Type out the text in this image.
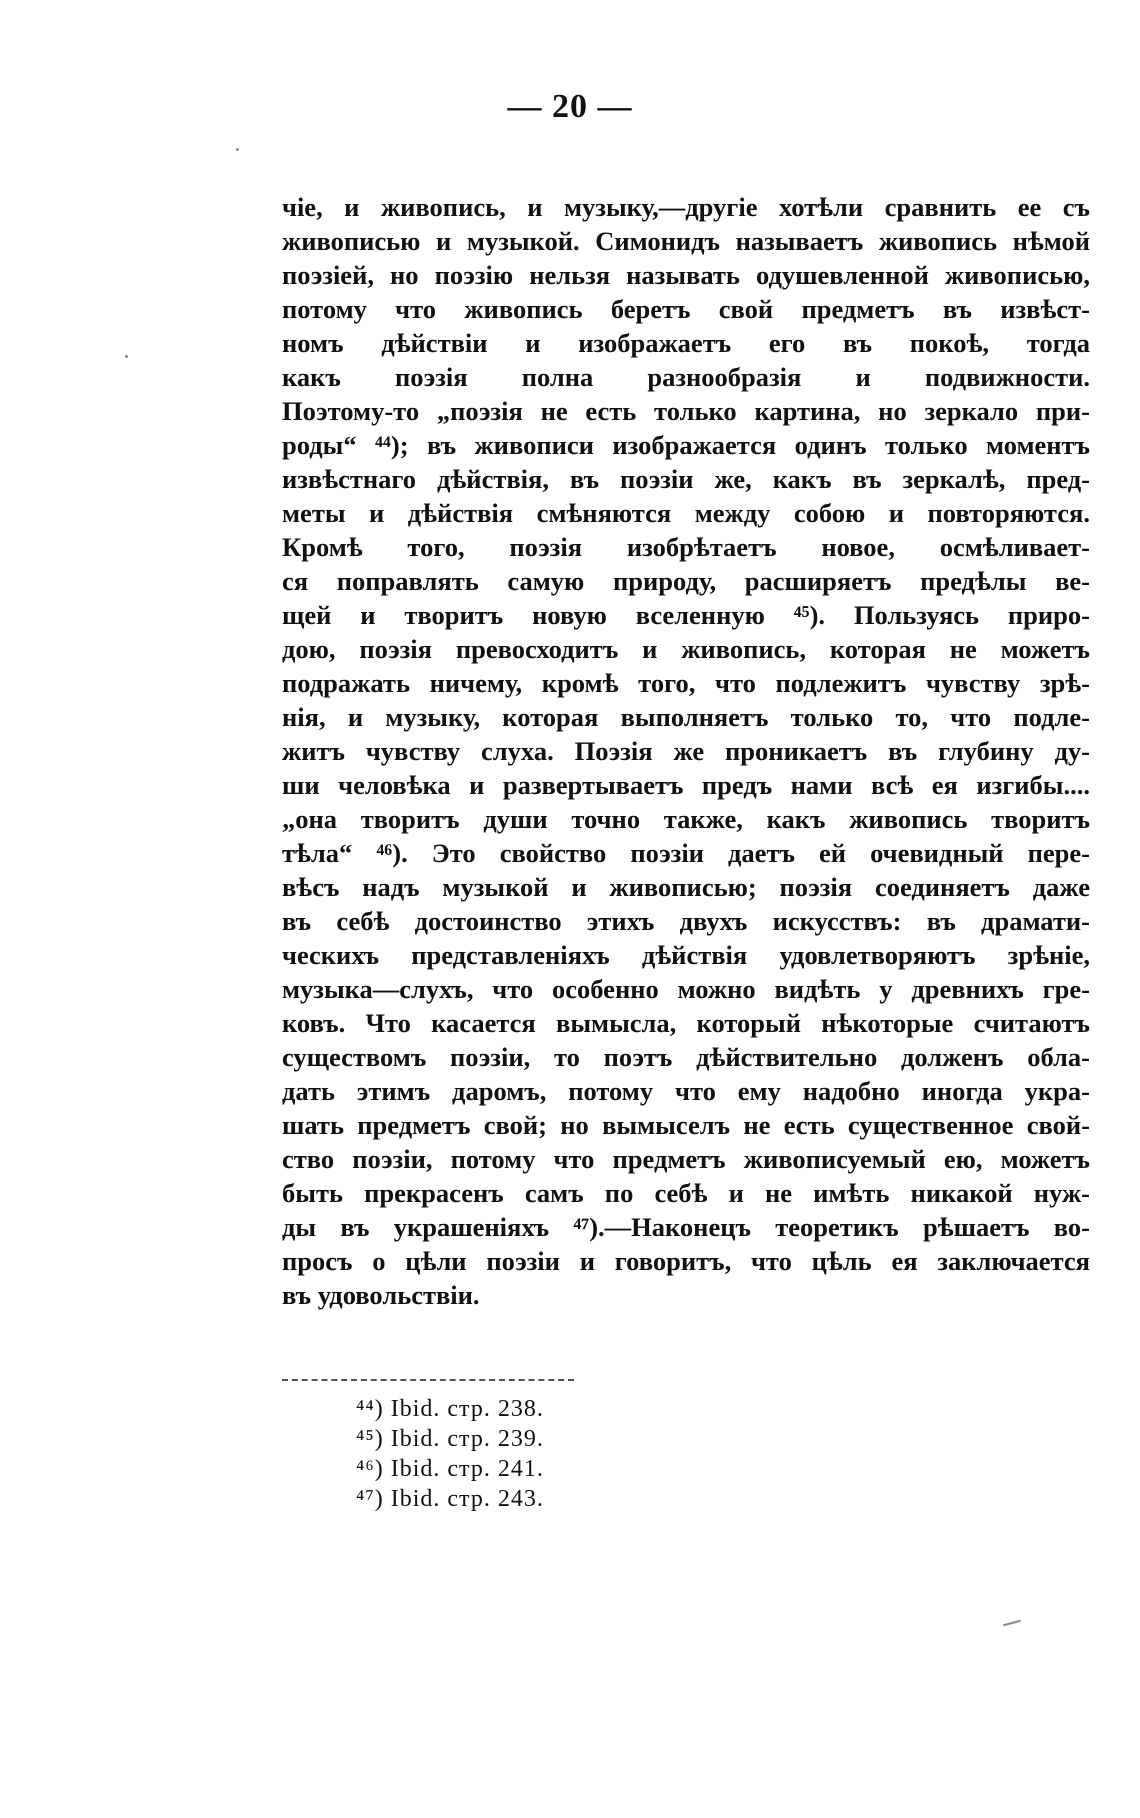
— 20 —
чіе, и живопись, и музыку,—другіе хотѣли сравнить ее съ
живописью и музыкой. Симонидъ называетъ живопись нѣмой
поэзіей, но поэзію нельзя называть одушевленной живописью,
потому что живопись беретъ свой предметъ въ извѣст-
номъ дѣйствіи и изображаетъ его въ покоѣ, тогда
какъ поэзія полна разнообразія и подвижности.
Поэтому-то „поэзія не есть только картина, но зеркало при-
роды“ ⁴⁴); въ живописи изображается одинъ только моментъ
извѣстнаго дѣйствія, въ поэзіи же, какъ въ зеркалѣ, пред-
меты и дѣйствія смѣняются между собою и повторяются.
Кромѣ того, поэзія изобрѣтаетъ новое, осмѣливает-
ся поправлять самую природу, расширяетъ предѣлы ве-
щей и творитъ новую вселенную ⁴⁵). Пользуясь приро-
дою, поэзія превосходитъ и живопись, которая не можетъ
подражать ничему, кромѣ того, что подлежитъ чувству зрѣ-
нія, и музыку, которая выполняетъ только то, что подле-
житъ чувству слуха. Поэзія же проникаетъ въ глубину ду-
ши человѣка и развертываетъ предъ нами всѣ ея изгибы....
„она творитъ души точно также, какъ живопись творитъ
тѣла“ ⁴⁶). Это свойство поэзіи даетъ ей очевидный пере-
вѣсъ надъ музыкой и живописью; поэзія соединяетъ даже
въ себѣ достоинство этихъ двухъ искусствъ: въ драмати-
ческихъ представленіяхъ дѣйствія удовлетворяютъ зрѣніе,
музыка—слухъ, что особенно можно видѣть у древнихъ гре-
ковъ. Что касается вымысла, который нѣкоторые считаютъ
существомъ поэзіи, то поэтъ дѣйствительно долженъ обла-
дать этимъ даромъ, потому что ему надобно иногда укра-
шать предметъ свой; но вымыселъ не есть существенное свой-
ство поэзіи, потому что предметъ живописуемый ею, можетъ
быть прекрасенъ самъ по себѣ и не имѣть никакой нуж-
ды въ украшеніяхъ ⁴⁷).—Наконецъ теоретикъ рѣшаетъ во-
просъ о цѣли поэзіи и говоритъ, что цѣль ея заключается
въ удовольствіи.
⁴⁴) Ibid. стр. 238.
⁴⁵) Ibid. стр. 239.
⁴⁶) Ibid. стр. 241.
⁴⁷) Ibid. стр. 243.
